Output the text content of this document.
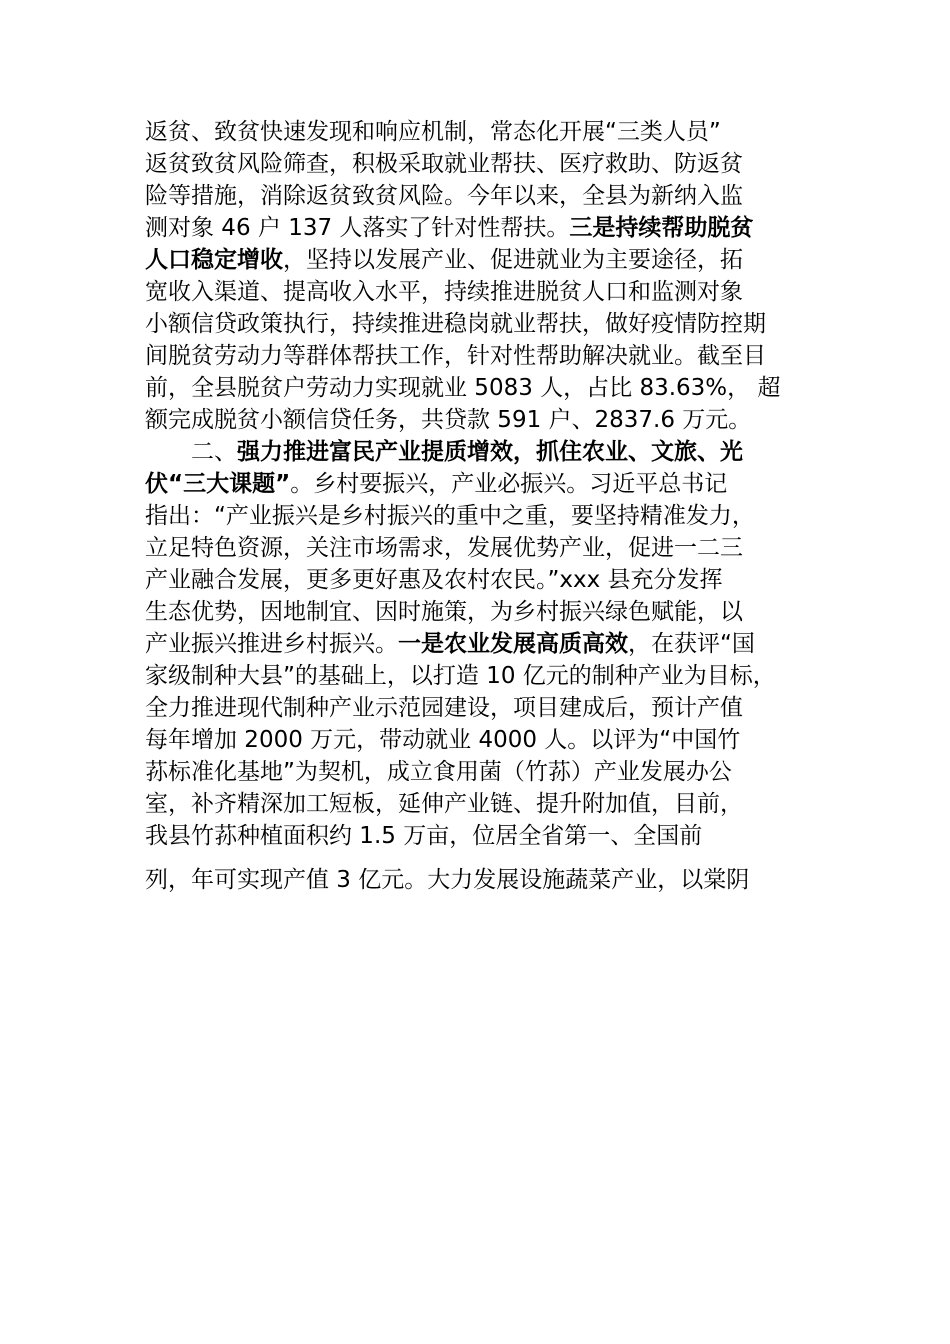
返贫、致贫快速发现和响应机制，常态化开展“三类人员”
返贫致贫风险筛查，积极采取就业帮扶、医疗救助、防返贫
险等措施，消除返贫致贫风险。今年以来，全县为新纳入监
测对象 46 户 137 人落实了针对性帮扶。三是持续帮助脱贫
人口稳定增收，坚持以发展产业、促进就业为主要途径，拓
宽收入渠道、提高收入水平，持续推进脱贫人口和监测对象
小额信贷政策执行，持续推进稳岗就业帮扶，做好疫情防控期
间脱贫劳动力等群体帮扶工作，针对性帮助解决就业。截至目
前，全县脱贫户劳动力实现就业 5083 人，占比 83.63%， 超
额完成脱贫小额信贷任务，共贷款 591 户、2837.6 万元。
　　二、强力推进富民产业提质增效，抓住农业、文旅、光
伏“三大课题”。乡村要振兴，产业必振兴。习近平总书记
指出：“产业振兴是乡村振兴的重中之重，要坚持精准发力，
立足特色资源，关注市场需求，发展优势产业，促进一二三
产业融合发展，更多更好惠及农村农民。”xxx 县充分发挥
生态优势，因地制宜、因时施策，为乡村振兴绿色赋能，以
产业振兴推进乡村振兴。一是农业发展高质高效，在获评“国
家级制种大县”的基础上，以打造 10 亿元的制种产业为目标，
全力推进现代制种产业示范园建设，项目建成后，预计产值
每年增加 2000 万元，带动就业 4000 人。以评为“中国竹
荪标准化基地”为契机，成立食用菌（竹荪）产业发展办公
室，补齐精深加工短板，延伸产业链、提升附加值，目前，
我县竹荪种植面积约 1.5 万亩，位居全省第一、全国前
列，年可实现产值 3 亿元。大力发展设施蔬菜产业，以棠阴
